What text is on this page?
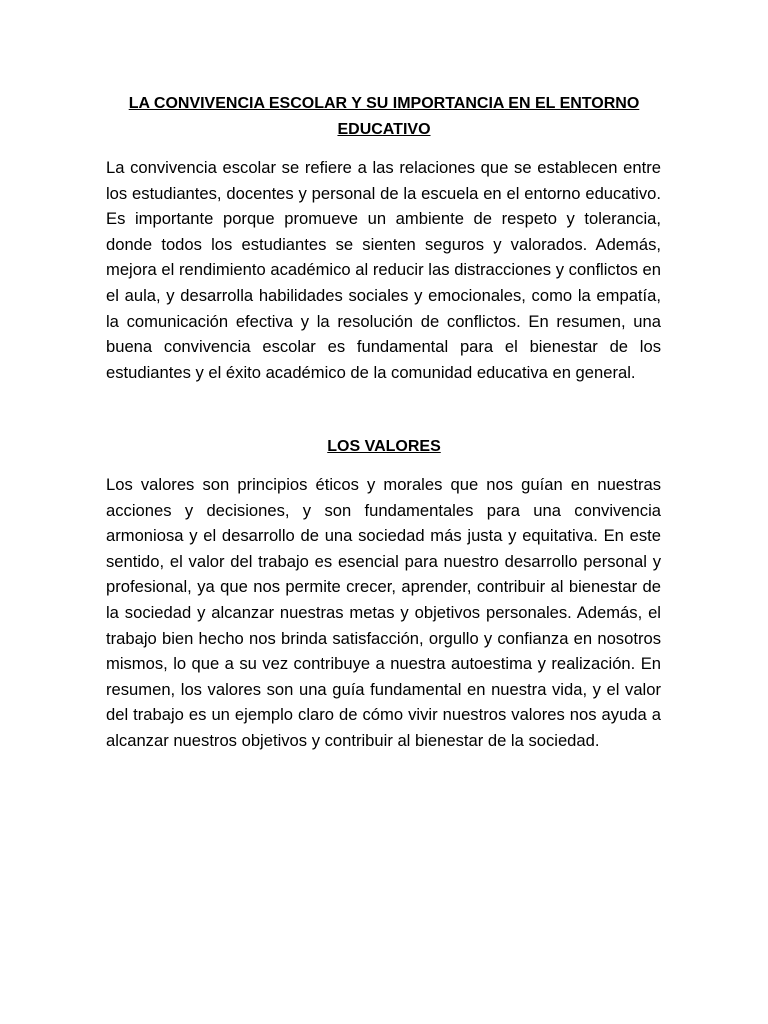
LA CONVIVENCIA ESCOLAR Y SU IMPORTANCIA EN EL ENTORNO EDUCATIVO

La convivencia escolar se refiere a las relaciones que se establecen entre los estudiantes, docentes y personal de la escuela en el entorno educativo. Es importante porque promueve un ambiente de respeto y tolerancia, donde todos los estudiantes se sienten seguros y valorados. Además, mejora el rendimiento académico al reducir las distracciones y conflictos en el aula, y desarrolla habilidades sociales y emocionales, como la empatía, la comunicación efectiva y la resolución de conflictos. En resumen, una buena convivencia escolar es fundamental para el bienestar de los estudiantes y el éxito académico de la comunidad educativa en general.

LOS VALORES

Los valores son principios éticos y morales que nos guían en nuestras acciones y decisiones, y son fundamentales para una convivencia armoniosa y el desarrollo de una sociedad más justa y equitativa. En este sentido, el valor del trabajo es esencial para nuestro desarrollo personal y profesional, ya que nos permite crecer, aprender, contribuir al bienestar de la sociedad y alcanzar nuestras metas y objetivos personales. Además, el trabajo bien hecho nos brinda satisfacción, orgullo y confianza en nosotros mismos, lo que a su vez contribuye a nuestra autoestima y realización. En resumen, los valores son una guía fundamental en nuestra vida, y el valor del trabajo es un ejemplo claro de cómo vivir nuestros valores nos ayuda a alcanzar nuestros objetivos y contribuir al bienestar de la sociedad.
